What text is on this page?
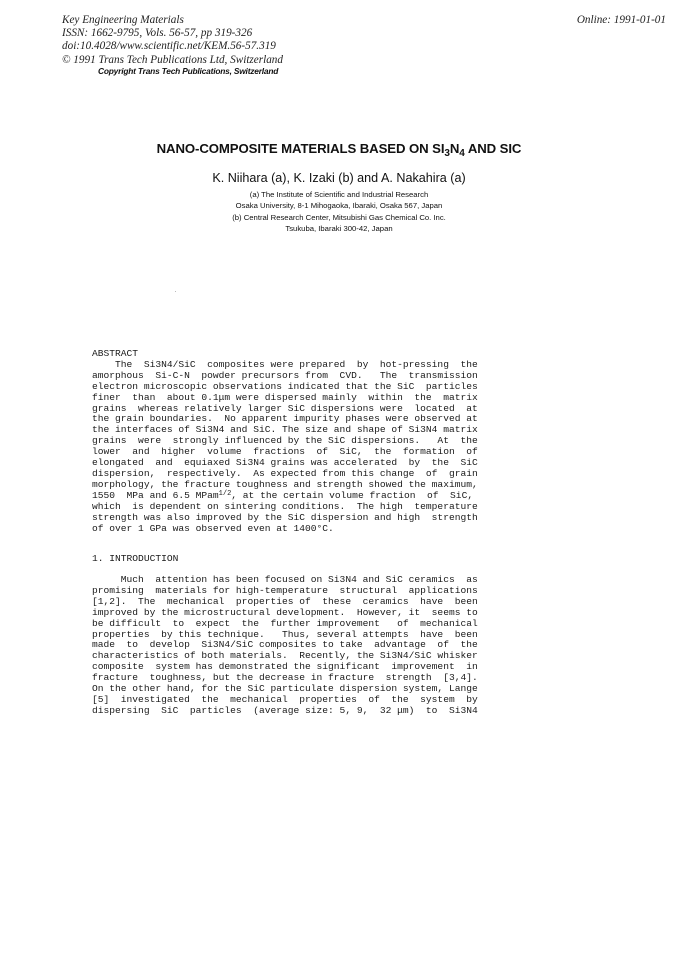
Key Engineering Materials
ISSN: 1662-9795, Vols. 56-57, pp 319-326
doi:10.4028/www.scientific.net/KEM.56-57.319
© 1991 Trans Tech Publications Ltd, Switzerland
Online: 1991-01-01
Copyright Trans Tech Publications, Switzerland
NANO-COMPOSITE MATERIALS BASED ON $SI_3N_4$ AND SIC
K. Niihara (a), K. Izaki (b) and A. Nakahira (a)
(a) The Institute of Scientific and Industrial Research
Osaka University, 8-1 Mihogaoka, Ibaraki, Osaka 567, Japan
(b) Central Research Center, Mitsubishi Gas Chemical Co. Inc.
Tsukuba, Ibaraki 300-42, Japan
ABSTRACT
The  Si3N4/SiC  composites were prepared  by  hot-pressing  the
amorphous  Si-C-N  powder precursors from  CVD.   The  transmission
electron microscopic observations indicated that the SiC  particles
finer  than  about 0.1μm were dispersed mainly  within  the  matrix
grains  whereas relatively larger SiC dispersions were  located  at
the grain boundaries.  No apparent impurity phases were observed at
the interfaces of Si3N4 and SiC. The size and shape of Si3N4 matrix
grains  were  strongly influenced by the SiC dispersions.   At  the
lower  and  higher  volume  fractions  of  SiC,  the  formation  of
elongated  and  equiaxed Si3N4 grains was accelerated  by  the  SiC
dispersion,  respectively.  As expected from this change  of  grain
morphology, the fracture toughness and strength showed the maximum,
1550  MPa and 6.5 MPam$^{1/2}$, at the certain volume fraction  of  SiC,
which  is dependent on sintering conditions.  The high  temperature
strength was also improved by the SiC dispersion and high  strength
of over 1 GPa was observed even at 1400°C.
1. INTRODUCTION
Much  attention has been focused on Si3N4 and SiC ceramics  as
promising  materials for high-temperature  structural  applications
[1,2].  The  mechanical  properties of  these  ceramics  have  been
improved by the microstructural development.  However, it  seems to
be difficult  to  expect  the  further improvement   of  mechanical
properties  by this technique.   Thus, several attempts  have  been
made  to  develop  Si3N4/SiC composites to take  advantage  of  the
characteristics of both materials.  Recently, the Si3N4/SiC whisker
composite  system has demonstrated the significant  improvement  in
fracture  toughness, but the decrease in fracture  strength  [3,4].
On the other hand, for the SiC particulate dispersion system, Lange
[5]  investigated  the  mechanical  properties  of  the  system  by
dispersing  SiC  particles  (average size: 5, 9,  32 μm)  to  Si3N4
